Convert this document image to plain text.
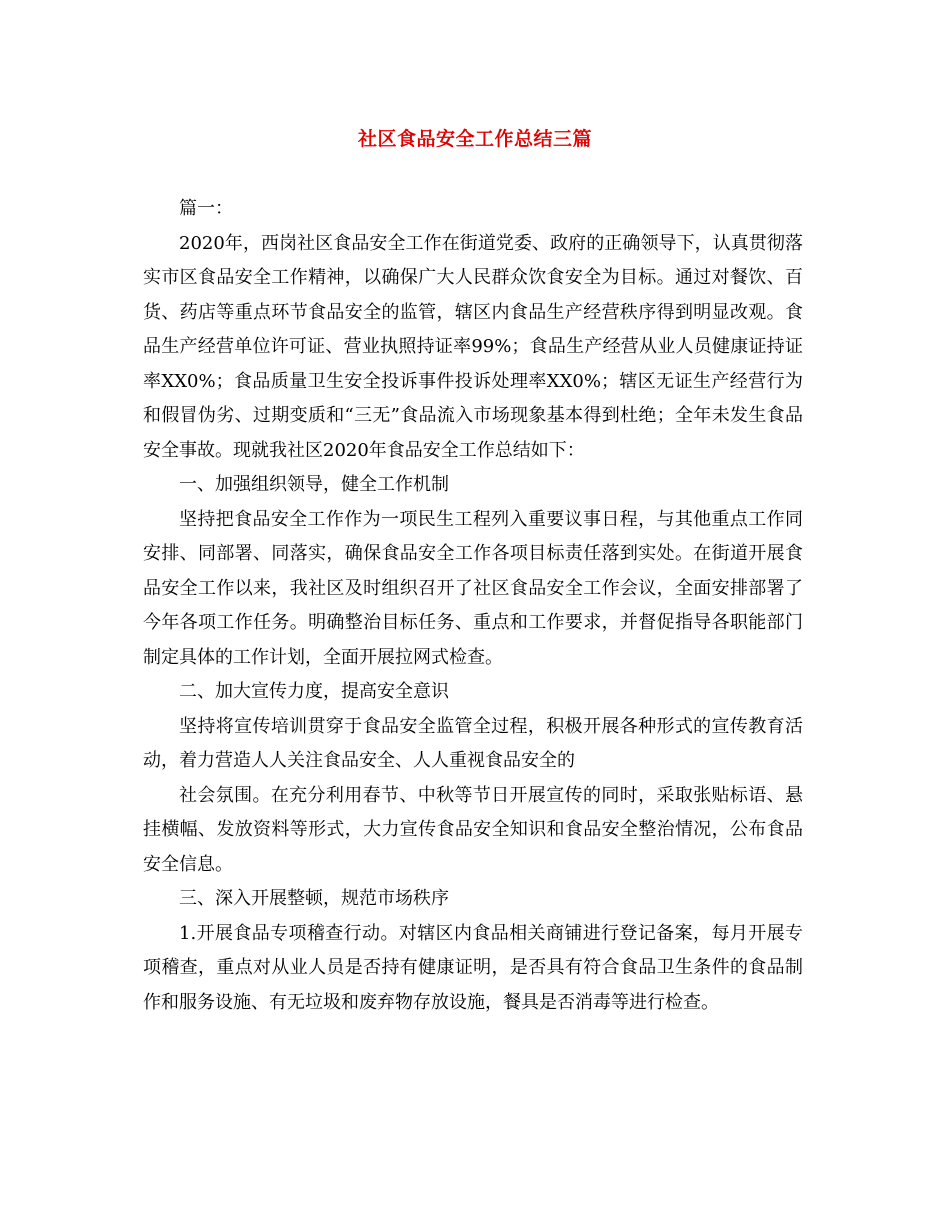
社区食品安全工作总结三篇

篇一：

2020年，西岗社区食品安全工作在街道党委、政府的正确领导下，认真贯彻落实市区食品安全工作精神，以确保广大人民群众饮食安全为目标。通过对餐饮、百货、药店等重点环节食品安全的监管，辖区内食品生产经营秩序得到明显改观。食品生产经营单位许可证、营业执照持证率99%；食品生产经营从业人员健康证持证率XX0%；食品质量卫生安全投诉事件投诉处理率XX0%；辖区无证生产经营行为和假冒伪劣、过期变质和“三无”食品流入市场现象基本得到杜绝；全年未发生食品安全事故。现就我社区2020年食品安全工作总结如下：

一、加强组织领导，健全工作机制

坚持把食品安全工作作为一项民生工程列入重要议事日程，与其他重点工作同安排、同部署、同落实，确保食品安全工作各项目标责任落到实处。在街道开展食品安全工作以来，我社区及时组织召开了社区食品安全工作会议，全面安排部署了今年各项工作任务。明确整治目标任务、重点和工作要求，并督促指导各职能部门制定具体的工作计划，全面开展拉网式检查。

二、加大宣传力度，提高安全意识

坚持将宣传培训贯穿于食品安全监管全过程，积极开展各种形式的宣传教育活动，着力营造人人关注食品安全、人人重视食品安全的

社会氛围。在充分利用春节、中秋等节日开展宣传的同时，采取张贴标语、悬挂横幅、发放资料等形式，大力宣传食品安全知识和食品安全整治情况，公布食品安全信息。

三、深入开展整顿，规范市场秩序

1.开展食品专项稽查行动。对辖区内食品相关商铺进行登记备案，每月开展专项稽查，重点对从业人员是否持有健康证明，是否具有符合食品卫生条件的食品制作和服务设施、有无垃圾和废弃物存放设施，餐具是否消毒等进行检查。
